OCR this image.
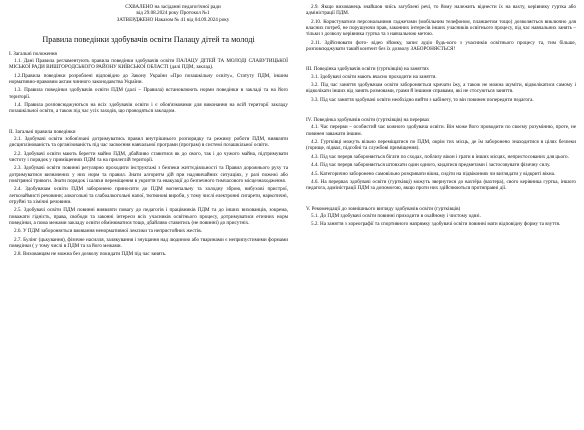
СХВАЛЕНО на засіданні педагогічної ради
від 29.08.2024 року Протокол №1
ЗАТВЕРДЖЕНО Наказом № 41 від 04.09.2024 року
Правила поведінки здобувачів освіти Палацу дітей та молоді
І. Загальні положення

1.1. Дані Правила регламентують правила поведінки здобувачів освіти ПАЛАЦУ ДІТЕЙ ТА МОЛОДІ СЛАВУТИЦЬКОЇ МІСЬКОЇ РАДИ ВИШГОРОДСЬКОГО РАЙОНУ КИЇВСЬКОЇ ОБЛАСТІ (далі ПДМ, заклад).

1.2.Правила поведінки розроблені відповідно до Закону України «Про позашкільну освіту», Статуту ПДМ, іншим нормативно-правовим актам чинного законодавства України.

1.3. Правила поведінки здобувачів освіти ПДМ (далі – Правила) встановлюють норми поведінки в закладі та на його території.

1.4. Правила розповсюджуються на всіх здобувачів освіти і є обов'язковими для виконання на всій території закладу позашкільної освіти, а також під час усіх заходів, що проводяться закладом.

ІІ. Загальні правила поведінки

2.1. Здобувачі освіти зобов'язані дотримуватись правил внутрішнього розпорядку та режиму роботи ПДМ, виявляти дисциплінованість та організованість під час засвоєння навчальної програми (програм) в системі позашкільної освіти.

2.2. Здобувачі освіти мають берегти майно ПДМ, дбайливо ставитися як до свого, так і до чужого майна, підтримувати чистоту і порядок у приміщеннях ПДМ та на прилеглій території.

2.3. Здобувачі освіти повинні регулярно проходити інструктажі з безпеки життєдіяльності та Правил дорожнього руху та дотримуватися визначених у них норм та правил. Знати алгоритм дій при надзвичайних ситуаціях, у разі пожежі або повітряної тривоги. Знати порядок і шляхи переміщення в укриття та евакуації до безпечного тимчасового місцезнаходження.

2.4. Здобувачам освіти ПДМ заборонено приносити до ПДМ вогнепальну та холодну зброю, вибухові пристрої, легкозаймисті речовини; алкогольні та слабоалкогольні напої, тютюнові вироби, у тому числі електронні сигарети, наркотичні, отруйні та хімічні речовини.

2.5. Здобувачі освіти ПДМ повинні виявляти повагу до педагогів і працівників ПДМ та до інших вихованців, зокрема, поважати гідність, права, свободи та законні інтереси всіх учасників освітнього процесу, дотримуватися етичних норм поведінки, а пома межами закладу освіти обмінюватися тощо, дбайливо ставитись (не повинні) до присутніх.

2.6. У ПДМ забороняється вживання ненормативної лексики та непристойних жестів.

2.7. Булінг (цькування), фізичне насилля, залякування і знущання над людиною або тваринами є неприпустимими формами поведінки ( у тому числі в ПДМ та за його межами.

2.8. Вихованцям не можна без дозволу покидати ПДМ під час занять.

2.9. Якщо вихованець знайшов чиїсь загублені речі, то йому належить віднести їх на вахту, керівнику гуртка або адміністрації ПДМ.

2.10. Користуватися персональними гаджетами (мобільним телефоном, планшетом тощо) дозволяється виключно для власних потреб, не порушуючи прав, законних інтересів інших учасників освітнього процесу, під час навчальних занять – тільки з дозволу керівника гуртка та з навчальною метою.

2.11. Здійснювати фото- відео зйомку, запис аудіо будь-кого з учасників освітнього процесу та, тим більше, розповсюджувати такий контент без їх дозволу ЗАБОРОНЯЄТЬСЯ!

ІІІ. Поведінка здобувачів освіти (гуртківців) на заняттях

3.1. Здобувачі освіти мають вчасно проходити на заняття.

3.2. Під час заняття здобувачам освіти забороняється кричати їжу, а також не можна шуміти, відволікатися самому і відволікати інших від занять розмовами, грами й іншими справами, які не стосуються заняття.

3.3. Під час заняття здобувачі освіти необхідно вийти з кабінету, то він повинен попередити педагога.

IV. Поведінка здобувачів освіти (гуртківців) на перервах

4.1. Час перерви – особистий час кожного здобувача освіти. Він може його проводити по своєму розумінню, проте, не повинен заважати іншим.

4.2. Гуртківці можуть вільно переміщатися по ПДМ, окрім тих місць, де їм заборонено знаходитися в цілях безпеки (горище, підвал, підсобні та службові приміщення).

4.3. Під час перерв забороняється бігати по сходах, поблизу вікон і грати в інших місцях, непристосованих для цього.

4.4. Під час перерв забороняється штовхати один одного, кидатися предметами і застосовувати фізичну силу.

4.5. Категорично заборонено самовільно розкривати вікна, сидіти на підвіконнях чи виглядати у відкриті вікна.

4.6. На перервах здобувачі освіти (гуртківці) можуть звернутися до вахтёра (вахтера), свого керівника гуртка, іншого педагога, адміністрації ПДМ за допомогою, якщо проти них здійснюються протиправні дії.

V. Рекомендації до зовнішнього вигляду здобувачів освіти (гуртківців)

5.1. До ПДМ здобувачі освіти повинні приходити в охайному і чистому одязі.

5.2. На заняття з хореографії та спортивного напрямку здобувачі освіти повинні мати відповідну форму та взуття.
